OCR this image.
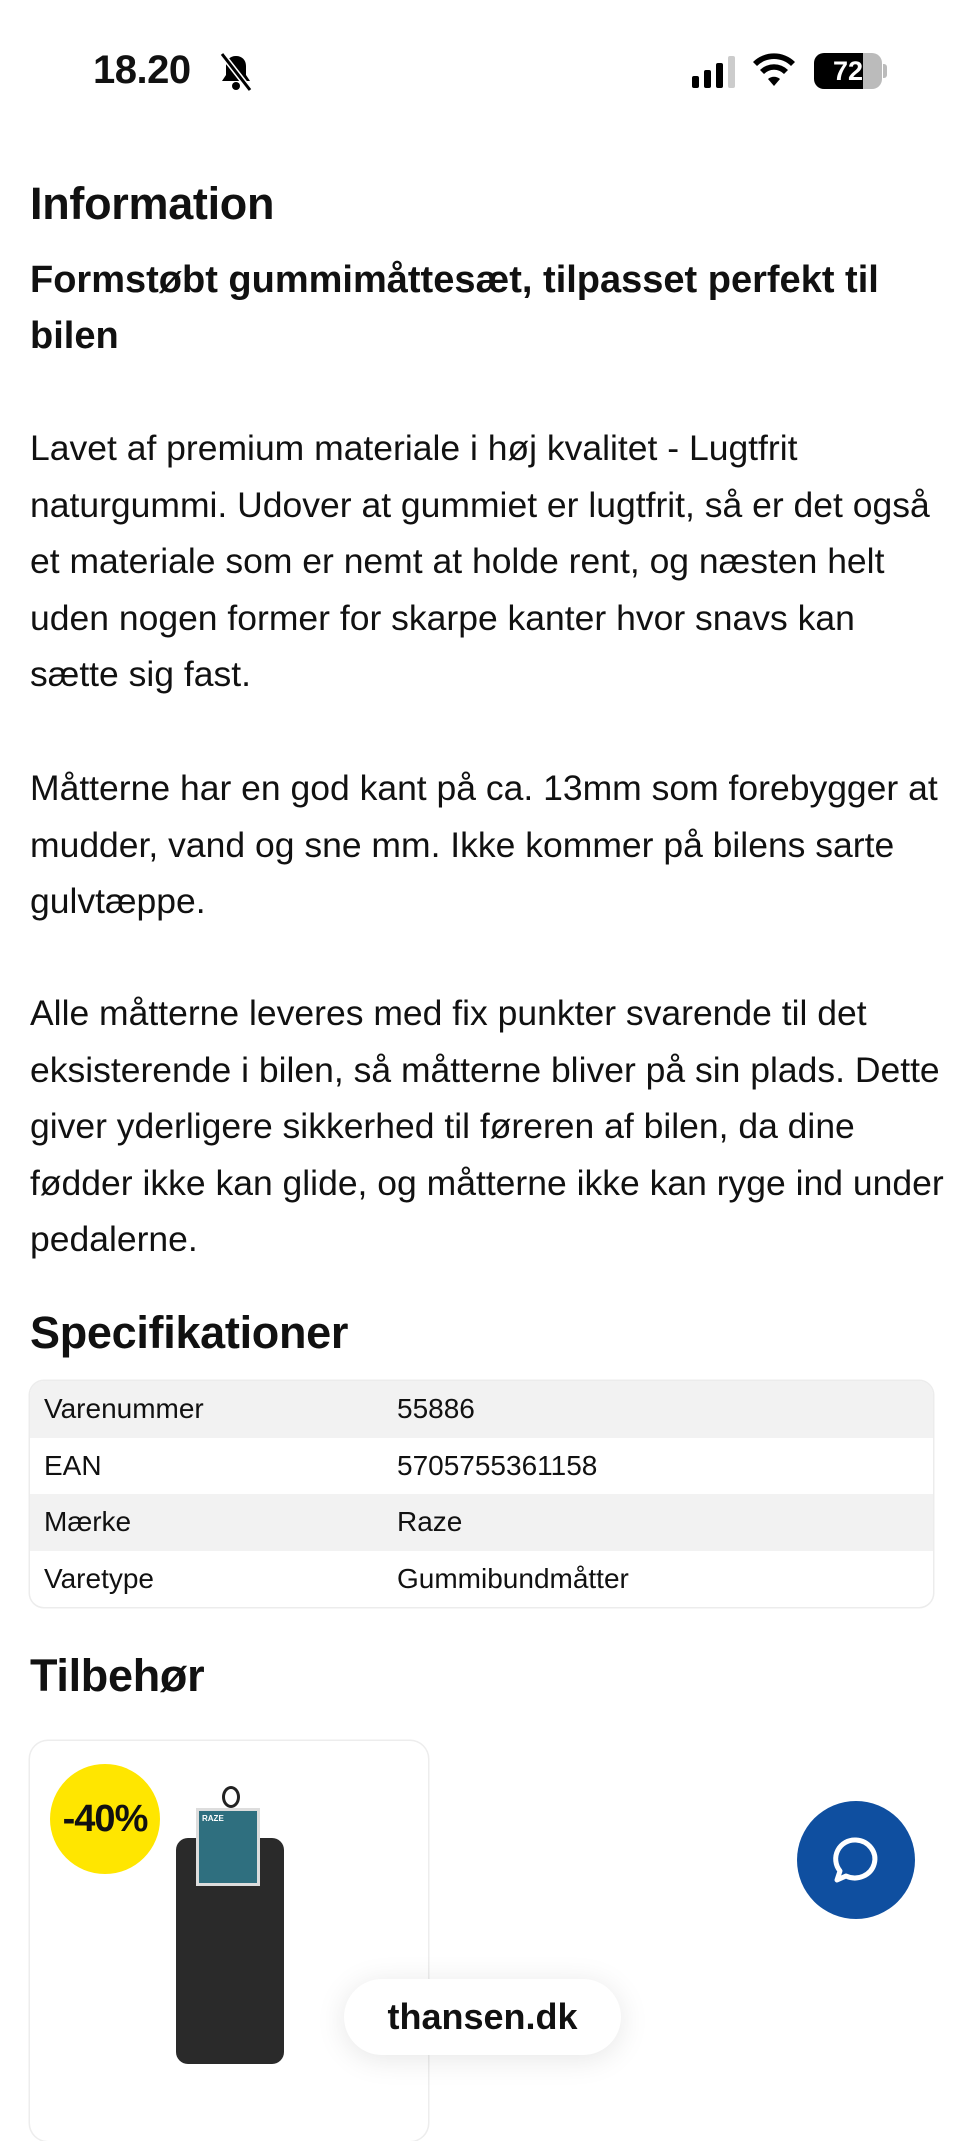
18.20	72
Information
Formstøbt gummimåttesæt, tilpasset perfekt til bilen
Lavet af premium materiale i høj kvalitet - Lugtfrit naturgummi. Udover at gummiet er lugtfrit, så er det også et materiale som er nemt at holde rent, og næsten helt uden nogen former for skarpe kanter hvor snavs kan sætte sig fast.
Måtterne har en god kant på ca. 13mm som forebygger at mudder, vand og sne mm. Ikke kommer på bilens sarte gulvtæppe.
Alle måtterne leveres med fix punkter svarende til det eksisterende i bilen, så måtterne bliver på sin plads. Dette giver yderligere sikkerhed til føreren af bilen, da dine fødder ikke kan glide, og måtterne ikke kan ryge ind under pedalerne.
Specifikationer
Varenummer	55886
EAN	5705755361158
Mærke	Raze
Varetype	Gummibundmåtter
Tilbehør
RAZE
-40%
thansen.dk
